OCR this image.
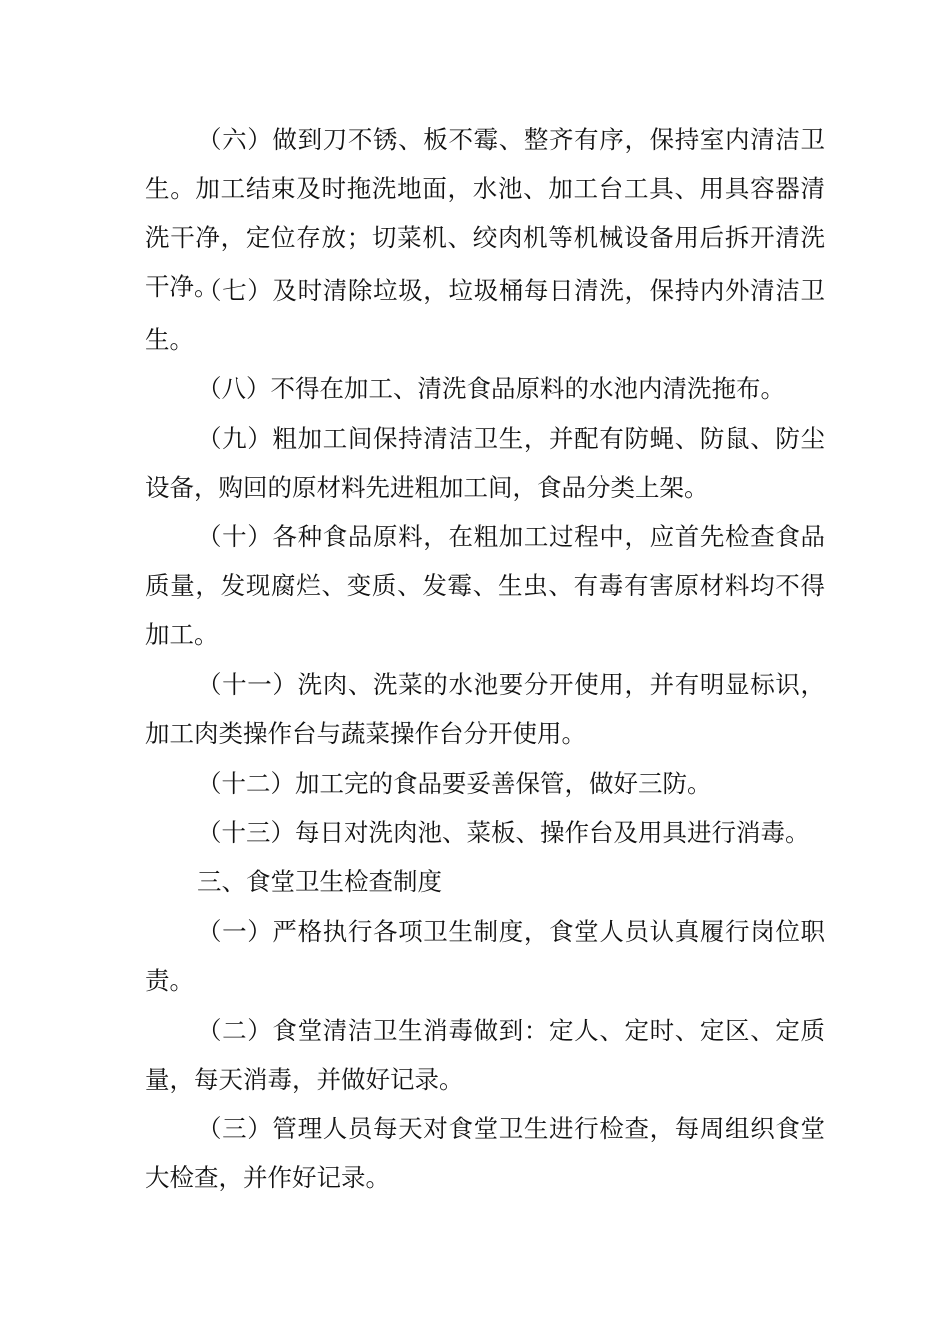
（六）做到刀不锈、板不霉、整齐有序，保持室内清洁卫生。加工结束及时拖洗地面，水池、加工台工具、用具容器清洗干净，定位存放；切菜机、绞肉机等机械设备用后拆开清洗干净。

（七）及时清除垃圾，垃圾桶每日清洗，保持内外清洁卫生。

（八）不得在加工、清洗食品原料的水池内清洗拖布。

（九）粗加工间保持清洁卫生，并配有防蝇、防鼠、防尘设备，购回的原材料先进粗加工间，食品分类上架。

（十）各种食品原料，在粗加工过程中，应首先检查食品质量，发现腐烂、变质、发霉、生虫、有毒有害原材料均不得加工。

（十一）洗肉、洗菜的水池要分开使用，并有明显标识，加工肉类操作台与蔬菜操作台分开使用。

（十二）加工完的食品要妥善保管，做好三防。

（十三）每日对洗肉池、菜板、操作台及用具进行消毒。

三、食堂卫生检查制度

（一）严格执行各项卫生制度，食堂人员认真履行岗位职责。

（二）食堂清洁卫生消毒做到：定人、定时、定区、定质量，每天消毒，并做好记录。

（三）管理人员每天对食堂卫生进行检查，每周组织食堂大检查，并作好记录。
